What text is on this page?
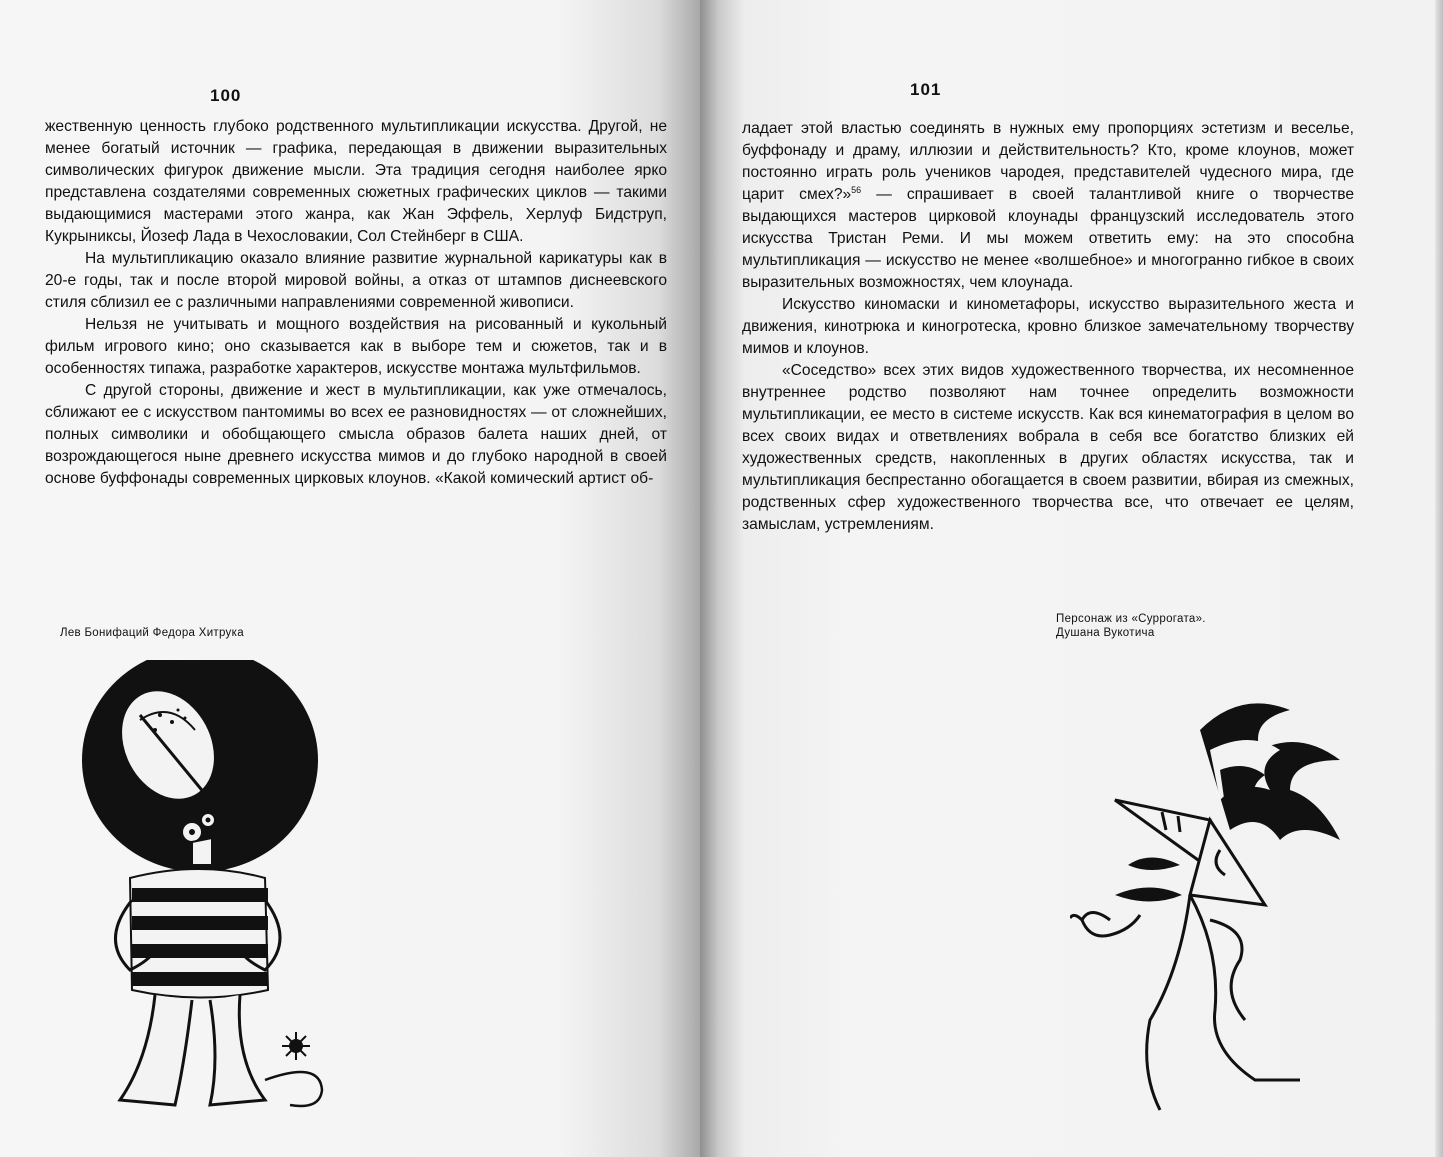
100

жественную ценность глубоко родственного мультипликации искусства. Другой, не менее богатый источник — графика, передающая в движении выразительных символических фигурок движение мысли. Эта традиция сегодня наиболее ярко представлена создателями современных сюжетных графических циклов — такими выдающимися мастерами этого жанра, как Жан Эффель, Херлуф Бидструп, Кукрыниксы, Йозеф Лада в Чехословакии, Сол Стейнберг в США.

На мультипликацию оказало влияние развитие журнальной карикатуры как в 20-е годы, так и после второй мировой войны, а отказ от штампов диснеевского стиля сблизил ее с различными направлениями современной живописи.

Нельзя не учитывать и мощного воздействия на рисованный и кукольный фильм игрового кино; оно сказывается как в выборе тем и сюжетов, так и в особенностях типажа, разработке характеров, искусстве монтажа мультфильмов.

С другой стороны, движение и жест в мультипликации, как уже отмечалось, сближают ее с искусством пантомимы во всех ее разновидностях — от сложнейших, полных символики и обобщающего смысла образов балета наших дней, от возрождающегося ныне древнего искусства мимов и до глубоко народной в своей основе буффонады современных цирковых клоунов. «Какой комический артист об-

Лев Бонифаций Федора Хитрука
101

ладает этой властью соединять в нужных ему пропорциях эстетизм и веселье, буффонаду и драму, иллюзии и действительность? Кто, кроме клоунов, может постоянно играть роль учеников чародея, представителей чудесного мира, где царит смех?»$^{56}$ — спрашивает в своей талантливой книге о творчестве выдающихся мастеров цирковой клоунады французский исследователь этого искусства Тристан Реми. И мы можем ответить ему: на это способна мультипликация — искусство не менее «волшебное» и многогранно гибкое в своих выразительных возможностях, чем клоунада.

Искусство киномаски и кинометафоры, искусство выразительного жеста и движения, кинотрюка и киногротеска, кровно близкое замечательному творчеству мимов и клоунов.

«Соседство» всех этих видов художественного творчества, их несомненное внутреннее родство позволяют нам точнее определить возможности мультипликации, ее место в системе искусств. Как вся кинематография в целом во всех своих видах и ответвлениях вобрала в себя все богатство близких ей художественных средств, накопленных в других областях искусства, так и мультипликация беспрестанно обогащается в своем развитии, вбирая из смежных, родственных сфер художественного творчества все, что отвечает ее целям, замыслам, устремлениям.

Персонаж из «Суррогата».
Душана Вукотича
